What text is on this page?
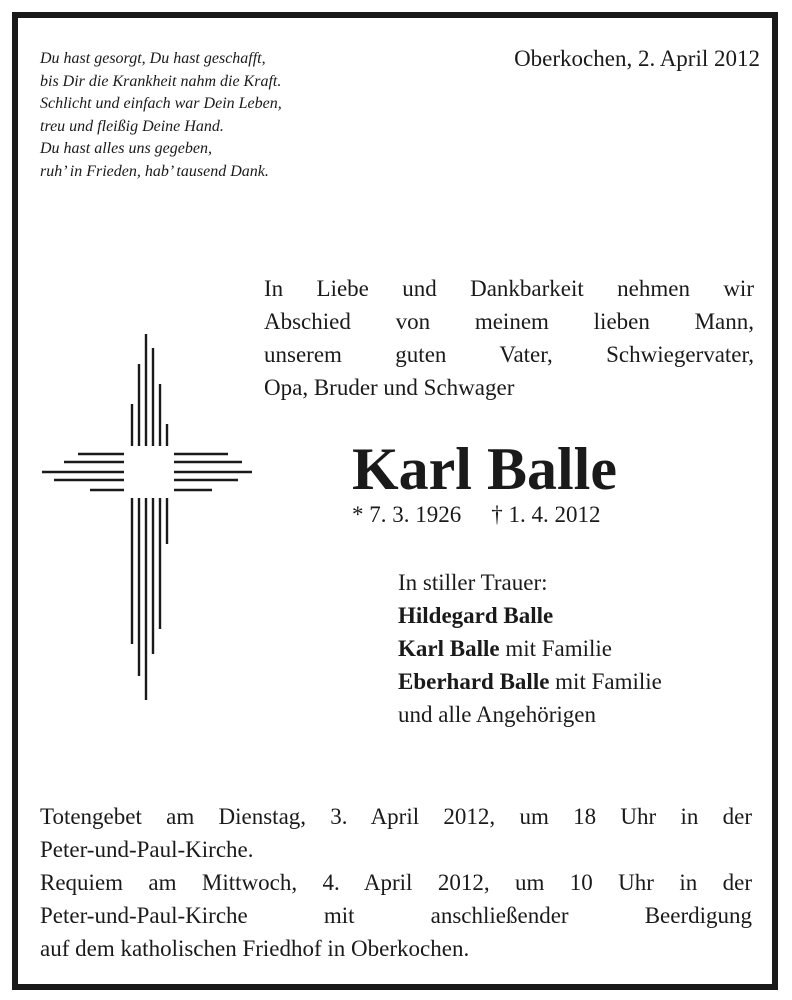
Du hast gesorgt, Du hast geschafft,
bis Dir die Krankheit nahm die Kraft.
Schlicht und einfach war Dein Leben,
treu und fleißig Deine Hand.
Du hast alles uns gegeben,
ruh’ in Frieden, hab’ tausend Dank.
Oberkochen, 2. April 2012
In Liebe und Dankbarkeit nehmen wir
Abschied von meinem lieben Mann,
unserem guten Vater, Schwiegervater,
Opa, Bruder und Schwager
Karl Balle
* 7. 3. 1926 † 1. 4. 2012
In stiller Trauer:
Hildegard Balle
Karl Balle mit Familie
Eberhard Balle mit Familie
und alle Angehörigen
Totengebet am Dienstag, 3. April 2012, um 18 Uhr in der
Peter-und-Paul-Kirche.
Requiem am Mittwoch, 4. April 2012, um 10 Uhr in der
Peter-und-Paul-Kirche mit anschließender Beerdigung
auf dem katholischen Friedhof in Oberkochen.
